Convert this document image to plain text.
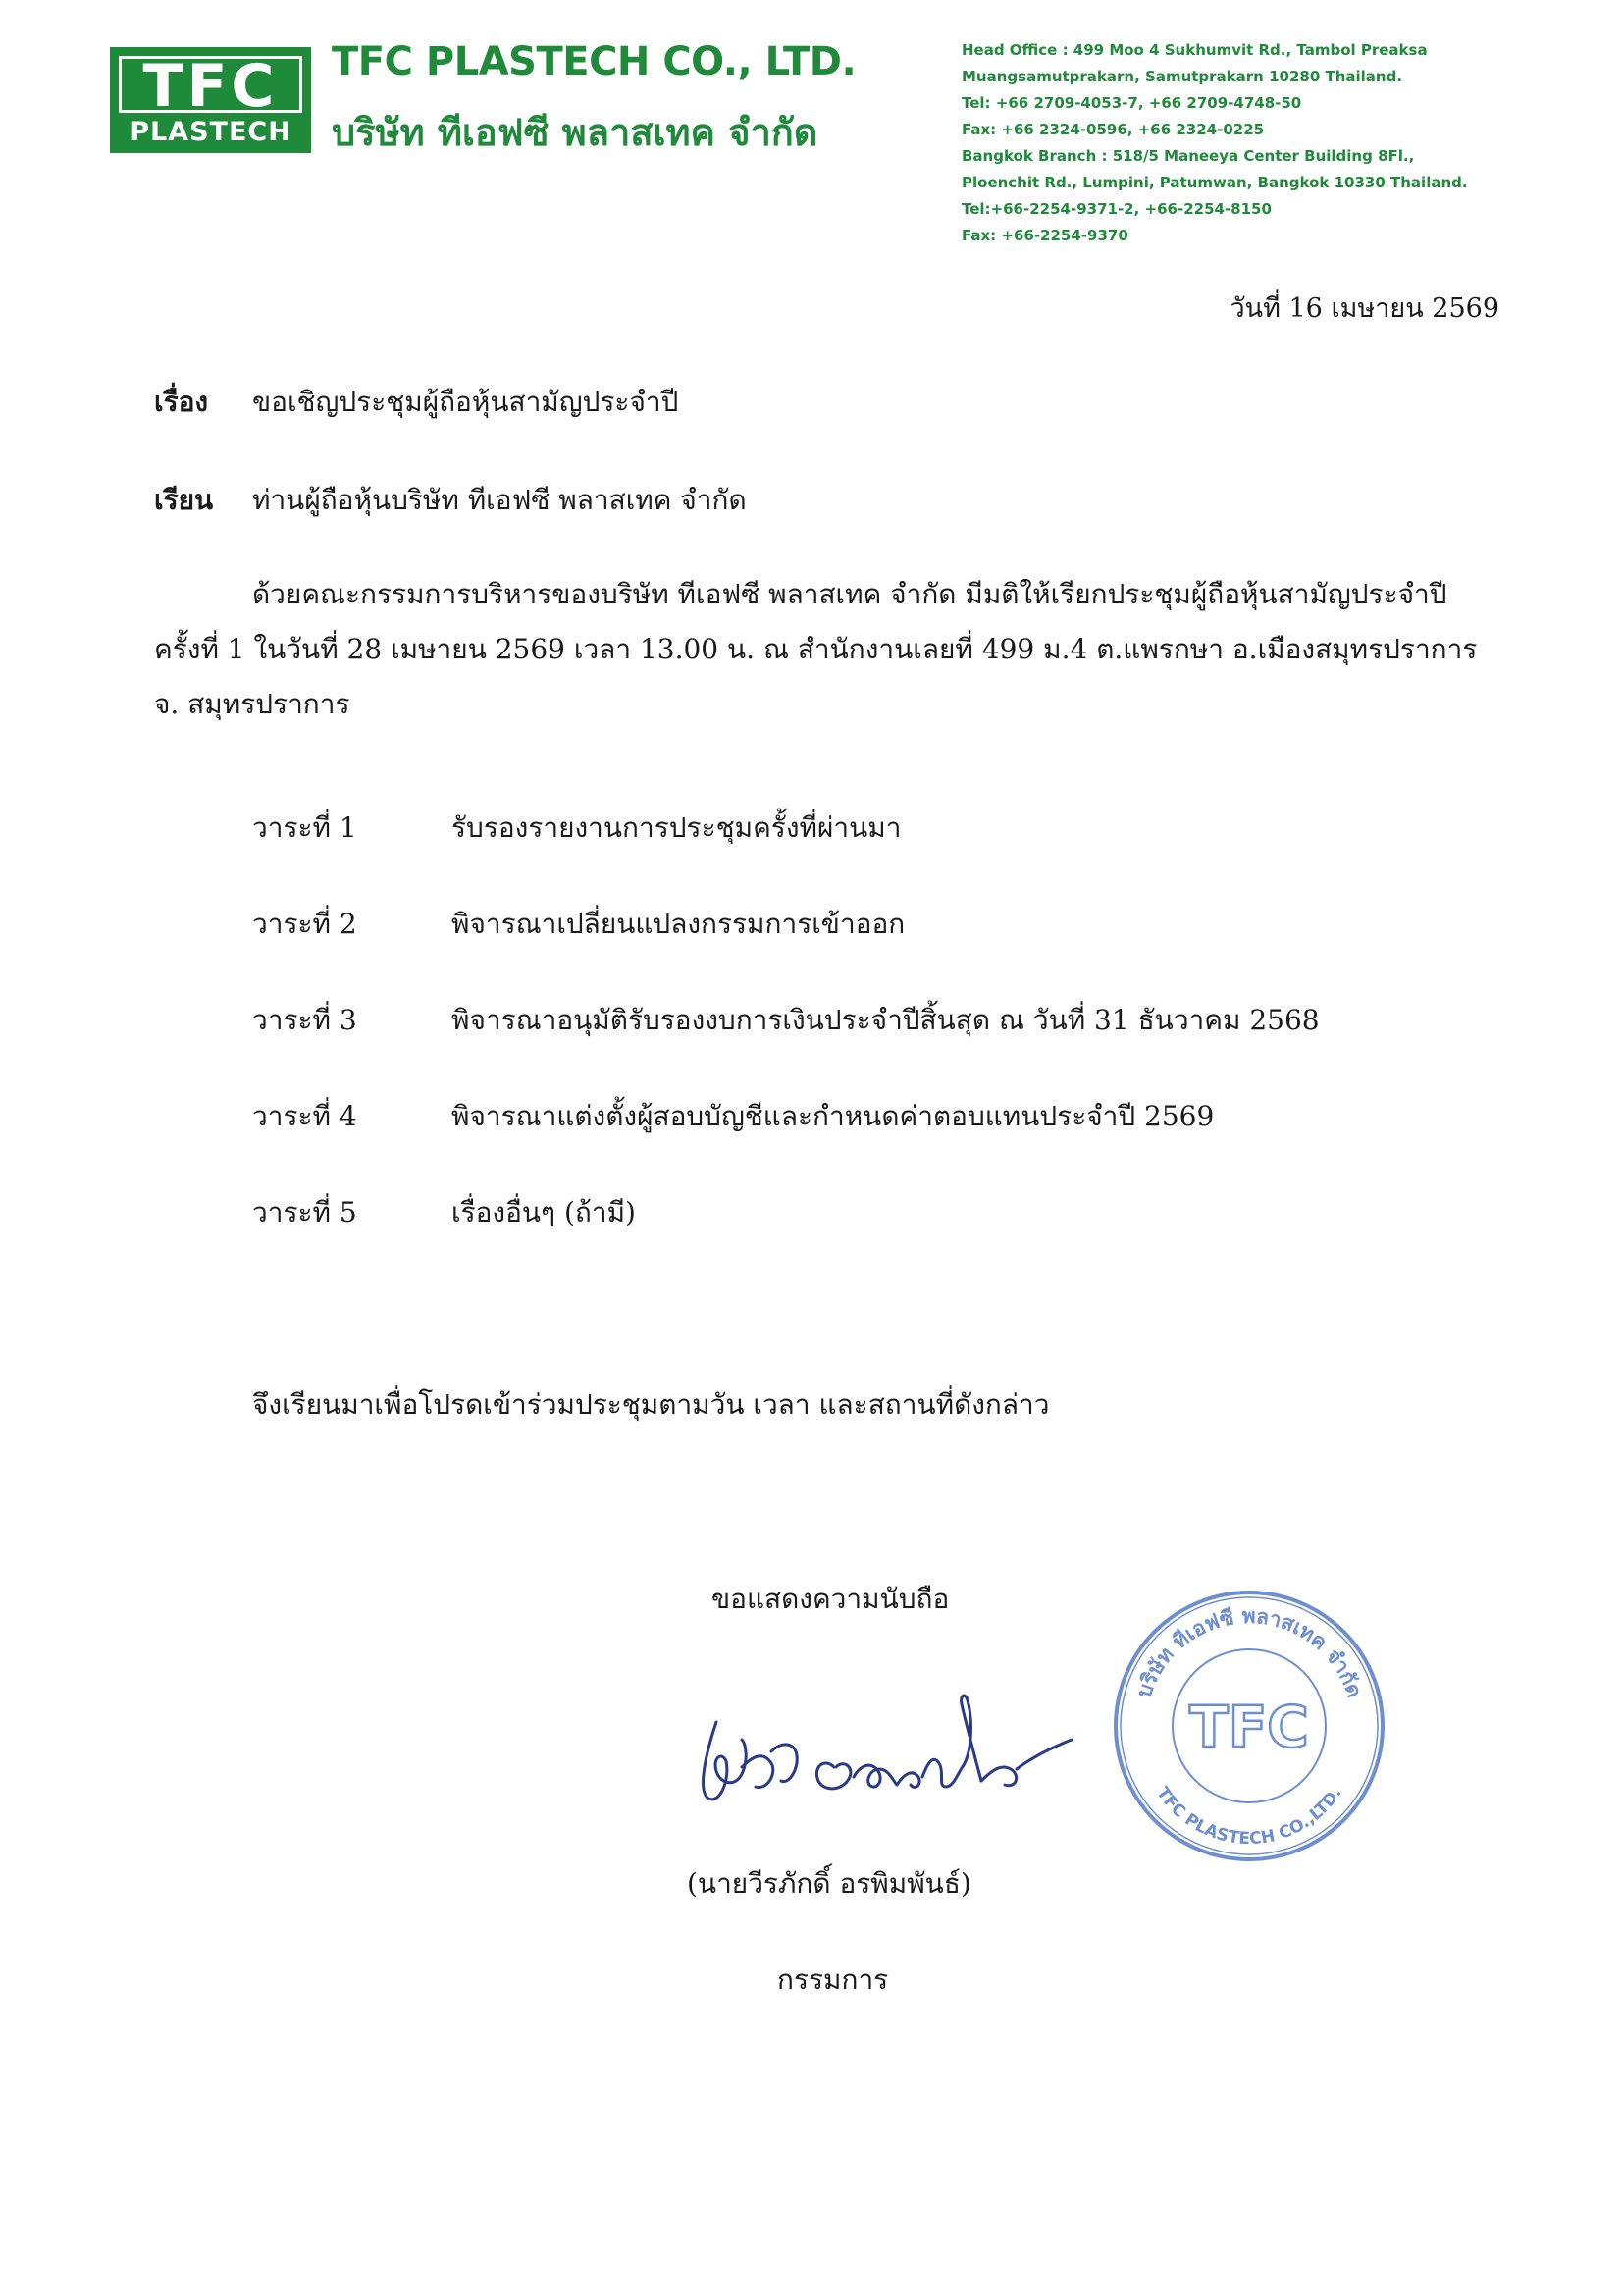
TFC
PLASTECH
TFC PLASTECH CO., LTD.
บริษัท ทีเอฟซี พลาสเทค จำกัด
Head Office : 499 Moo 4 Sukhumvit Rd., Tambol Preaksa
Muangsamutprakarn, Samutprakarn 10280 Thailand.
Tel: +66 2709-4053-7, +66 2709-4748-50
Fax: +66 2324-0596, +66 2324-0225
Bangkok Branch : 518/5 Maneeya Center Building 8Fl.,
Ploenchit Rd., Lumpini, Patumwan, Bangkok 10330 Thailand.
Tel:+66-2254-9371-2, +66-2254-8150
Fax: +66-2254-9370
วันที่ 16 เมษายน 2569
เรื่อง ขอเชิญประชุมผู้ถือหุ้นสามัญประจำปี
เรียน ท่านผู้ถือหุ้นบริษัท ทีเอฟซี พลาสเทค จำกัด
ด้วยคณะกรรมการบริหารของบริษัท ทีเอฟซี พลาสเทค จำกัด มีมติให้เรียกประชุมผู้ถือหุ้นสามัญประจำปี ครั้งที่ 1 ในวันที่ 28 เมษายน 2569 เวลา 13.00 น. ณ สำนักงานเลยที่ 499 ม.4 ต.แพรกษา อ.เมืองสมุทรปราการ จ. สมุทรปราการ
วาระที่ 1	รับรองรายงานการประชุมครั้งที่ผ่านมา
วาระที่ 2	พิจารณาเปลี่ยนแปลงกรรมการเข้าออก
วาระที่ 3	พิจารณาอนุมัติรับรองงบการเงินประจำปีสิ้นสุด ณ วันที่ 31 ธันวาคม 2568
วาระที่ 4	พิจารณาแต่งตั้งผู้สอบบัญชีและกำหนดค่าตอบแทนประจำปี 2569
วาระที่ 5	เรื่องอื่นๆ (ถ้ามี)
จึงเรียนมาเพื่อโปรดเข้าร่วมประชุมตามวัน เวลา และสถานที่ดังกล่าว
ขอแสดงความนับถือ
(นายวีรภักดิ์ อรพิมพันธ์)
กรรมการ
บริษัท ทีเอฟซี พลาสเทค จำกัด
TFC PLASTECH CO.,LTD.
TFC
